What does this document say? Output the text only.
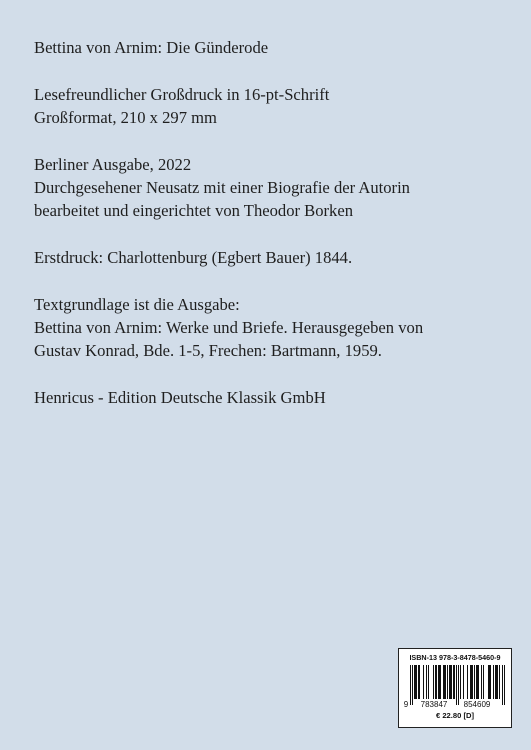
Bettina von Arnim: Die Günderode
Lesefreundlicher Großdruck in 16-pt-Schrift
Großformat, 210 x 297 mm
Berliner Ausgabe, 2022
Durchgesehener Neusatz mit einer Biografie der Autorin
bearbeitet und eingerichtet von Theodor Borken
Erstdruck: Charlottenburg (Egbert Bauer) 1844.
Textgrundlage ist die Ausgabe:
Bettina von Arnim: Werke und Briefe. Herausgegeben von
Gustav Konrad, Bde. 1-5, Frechen: Bartmann, 1959.
Henricus - Edition Deutsche Klassik GmbH
ISBN-13 978-3-8478-5460-9
9 783847 854609
€ 22.80 [D]
